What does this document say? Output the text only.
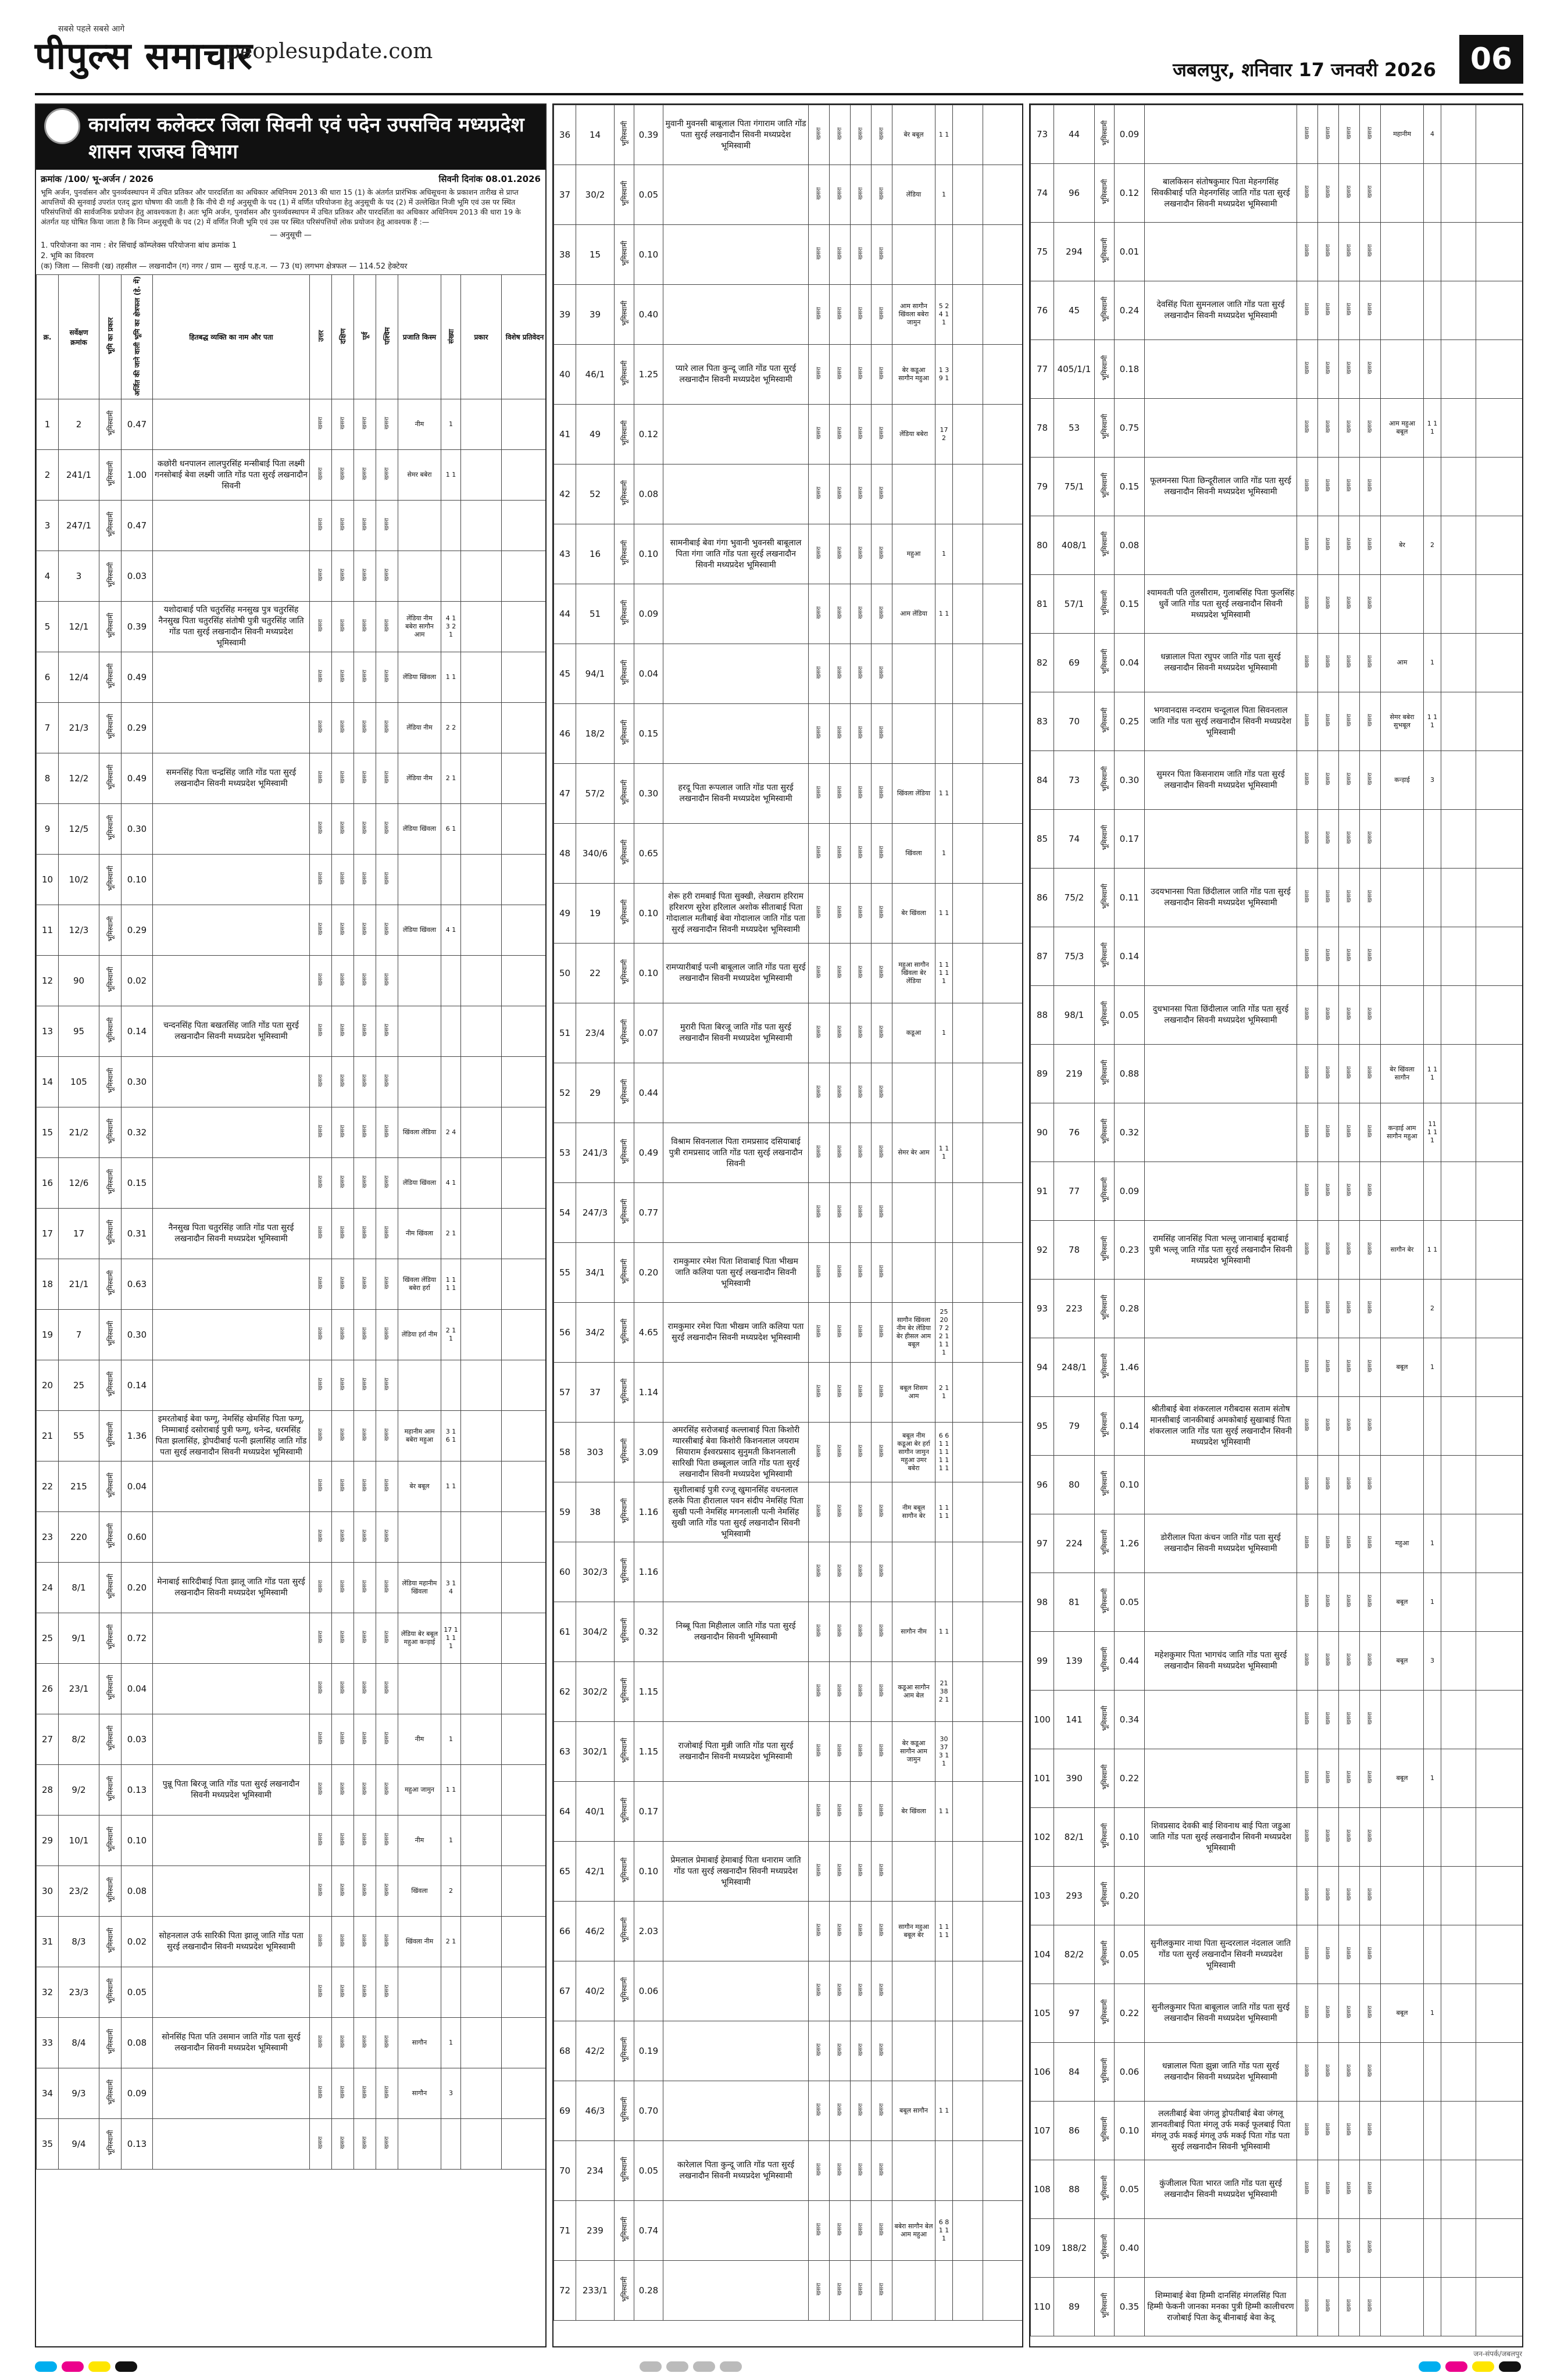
सबसे पहले सबसे आगे
पीपुल्स समाचार
peoplesupdate.com
जबलपुर, शनिवार 17 जनवरी 2026	06
कार्यालय कलेक्टर जिला सिवनी एवं पदेन उपसचिव मध्यप्रदेश शासन राजस्व विभाग
क्रमांक /100/ भू-अर्जन / 2026	सिवनी दिनांक 08.01.2026
भूमि अर्जन, पुनर्वासन और पुनर्व्यवस्थापन में उचित प्रतिकर और पारदर्शिता का अधिकार अधिनियम 2013 की धारा 15 (1) के अंतर्गत प्रारंभिक अधिसूचना के प्रकाशन तारीख से प्राप्त आपत्तियों की सुनवाई उपरांत एतद् द्वारा घोषणा की जाती है कि नीचे दी गई अनुसूची के पद (1) में वर्णित परियोजना हेतु अनुसूची के पद (2) में उल्लेखित निजी भूमि एवं उस पर स्थित परिसंपत्तियों की सार्वजनिक प्रयोजन हेतु आवश्यकता है। अतः भूमि अर्जन, पुनर्वासन और पुनर्व्यवस्थापन में उचित प्रतिकर और पारदर्शिता का अधिकार अधिनियम 2013 की धारा 19 के अंतर्गत यह घोषित किया जाता है कि निम्न अनुसूची के पद (2) में वर्णित निजी भूमि एवं उस पर स्थित परिसंपत्तियों लोक प्रयोजन हेतु आवश्यक हैं :—
— अनुसूची —
1. परियोजना का नाम : शेर सिंचाई कॉम्प्लेक्स परियोजना बांध क्रमांक 1
2. भूमि का विवरण
(क) जिला — सिवनी (ख) तहसील — लखनादौन (ग) नगर / ग्राम — सुरई प.ह.न. — 73 (घ) लगभग क्षेत्रफल — 114.52 हेक्टेयर
क्र.	सर्वेक्षण क्रमांक	भूमि का प्रकार	अर्जित की जाने वाली भूमि का क्षेत्रफल (हे. में)	हितबद्ध व्यक्ति का नाम और पता	उत्तर	दक्षिण	पूर्व	पश्चिम	प्रजाति किस्म	संख्या	प्रकार	विशेष प्रतिवेदन
1	2	भूमिस्वामी	0.47		खसरा	खसरा	खसरा	खसरा	नीम	1		
2	241/1	भूमिस्वामी	1.00	कछोरी धनपालन लालपुरसिंह मन्सीबाई पिता लक्ष्मी गनसोबाई बेवा लक्ष्मी जाति गोंड पता सुरई लखनादौन सिवनी	खसरा	खसरा	खसरा	खसरा	सेमर बबेरा	1 1		
3	247/1	भूमिस्वामी	0.47		खसरा	खसरा	खसरा	खसरा				
4	3	भूमिस्वामी	0.03		खसरा	खसरा	खसरा	खसरा				
5	12/1	भूमिस्वामी	0.39	यशोदाबाई पति चतुरसिंह मनसुख पुत्र चतुरसिंह नैनसुख पिता चतुरसिंह संतोषी पुत्री चतुरसिंह जाति गोंड पता सुरई लखनादौन सिवनी मध्यप्रदेश भूमिस्वामी	खसरा	खसरा	खसरा	खसरा	लेंडिया नीम बबेरा सागौन आम	4 1 3 2 1		
6	12/4	भूमिस्वामी	0.49		खसरा	खसरा	खसरा	खसरा	लेंडिया खिंवला	1 1		
7	21/3	भूमिस्वामी	0.29		खसरा	खसरा	खसरा	खसरा	लेंडिया नीम	2 2		
8	12/2	भूमिस्वामी	0.49	समनसिंह पिता चन्द्रसिंह जाति गोंड पता सुरई लखनादौन सिवनी मध्यप्रदेश भूमिस्वामी	खसरा	खसरा	खसरा	खसरा	लेंडिया नीम	2 1		
9	12/5	भूमिस्वामी	0.30		खसरा	खसरा	खसरा	खसरा	लेंडिया खिंवला	6 1		
10	10/2	भूमिस्वामी	0.10		खसरा	खसरा	खसरा	खसरा				
11	12/3	भूमिस्वामी	0.29		खसरा	खसरा	खसरा	खसरा	लेंडिया खिंवला	4 1		
12	90	भूमिस्वामी	0.02		खसरा	खसरा	खसरा	खसरा				
13	95	भूमिस्वामी	0.14	चन्दनसिंह पिता बखतसिंह जाति गोंड पता सुरई लखनादौन सिवनी मध्यप्रदेश भूमिस्वामी	खसरा	खसरा	खसरा	खसरा				
14	105	भूमिस्वामी	0.30		खसरा	खसरा	खसरा	खसरा				
15	21/2	भूमिस्वामी	0.32		खसरा	खसरा	खसरा	खसरा	खिंवला लेंडिया	2 4		
16	12/6	भूमिस्वामी	0.15		खसरा	खसरा	खसरा	खसरा	लेंडिया खिंवला	4 1		
17	17	भूमिस्वामी	0.31	नैनसुख पिता चतुरसिंह जाति गोंड पता सुरई लखनादौन सिवनी मध्यप्रदेश भूमिस्वामी	खसरा	खसरा	खसरा	खसरा	नीम खिंवला	2 1		
18	21/1	भूमिस्वामी	0.63		खसरा	खसरा	खसरा	खसरा	खिंवला लेंडिया बबेरा हर्रा	1 1 1 1		
19	7	भूमिस्वामी	0.30		खसरा	खसरा	खसरा	खसरा	लेंडिया हर्रा नीम	2 1 1		
20	25	भूमिस्वामी	0.14		खसरा	खसरा	खसरा	खसरा				
21	55	भूमिस्वामी	1.36	इमरतोबाई बेवा फग्गू, नेमसिंह खेमसिंह पिता फग्गू, निम्माबाई दसोराबाई पुत्री फग्गू, धनेन्द्र, धरमसिंह पिता झलासिंह, ड्रोपदीबाई पत्नी झलासिंह जाति गोंड पता सुरई लखनादौन सिवनी मध्यप्रदेश भूमिस्वामी	खसरा	खसरा	खसरा	खसरा	महानीम आम बबेरा महुआ	3 1 6 1		
22	215	भूमिस्वामी	0.04		खसरा	खसरा	खसरा	खसरा	बेर बबूल	1 1		
23	220	भूमिस्वामी	0.60		खसरा	खसरा	खसरा	खसरा				
24	8/1	भूमिस्वामी	0.20	मेनाबाई सारिदीबाई पिता झालू जाति गोंड पता सुरई लखनादौन सिवनी मध्यप्रदेश भूमिस्वामी	खसरा	खसरा	खसरा	खसरा	लेंडिया महानीम खिंवला	3 1 4		
25	9/1	भूमिस्वामी	0.72		खसरा	खसरा	खसरा	खसरा	लेंडिया बेर बबूल महुआ कन्ड़ाई	17 1 1 1 1		
26	23/1	भूमिस्वामी	0.04		खसरा	खसरा	खसरा	खसरा				
27	8/2	भूमिस्वामी	0.03		खसरा	खसरा	खसरा	खसरा	नीम	1		
28	9/2	भूमिस्वामी	0.13	पुन्नू पिता बिरजू जाति गोंड पता सुरई लखनादौन सिवनी मध्यप्रदेश भूमिस्वामी	खसरा	खसरा	खसरा	खसरा	महुआ जामुन	1 1		
29	10/1	भूमिस्वामी	0.10		खसरा	खसरा	खसरा	खसरा	नीम	1		
30	23/2	भूमिस्वामी	0.08		खसरा	खसरा	खसरा	खसरा	खिंवला	2		
31	8/3	भूमिस्वामी	0.02	सोहनलाल उर्फ सारिकी पिता झालू जाति गोंड पता सुरई लखनादौन सिवनी मध्यप्रदेश भूमिस्वामी	खसरा	खसरा	खसरा	खसरा	खिंवला नीम	2 1		
32	23/3	भूमिस्वामी	0.05		खसरा	खसरा	खसरा	खसरा				
33	8/4	भूमिस्वामी	0.08	सोनसिंह पिता पति उसमान जाति गोंड पता सुरई लखनादौन सिवनी मध्यप्रदेश भूमिस्वामी	खसरा	खसरा	खसरा	खसरा	सागौन	1		
34	9/3	भूमिस्वामी	0.09		खसरा	खसरा	खसरा	खसरा	सागौन	3		
35	9/4	भूमिस्वामी	0.13		खसरा	खसरा	खसरा	खसरा				
36	14	भूमिस्वामी	0.39	मुवानी मुवनसी बाबूलाल पिता गंगाराम जाति गोंड पता सुरई लखनादौन सिवनी मध्यप्रदेश भूमिस्वामी	खसरा	खसरा	खसरा	खसरा	बेर बबूल	1 1		
37	30/2	भूमिस्वामी	0.05		खसरा	खसरा	खसरा	खसरा	लेंडिया	1		
38	15	भूमिस्वामी	0.10		खसरा	खसरा	खसरा	खसरा				
39	39	भूमिस्वामी	0.40		खसरा	खसरा	खसरा	खसरा	आम सागौन खिंवला बबेरा जामुन	5 2 4 1 1		
40	46/1	भूमिस्वामी	1.25	प्यारे लाल पिता कुन्दू जाति गोंड पता सुरई लखनादौन सिवनी मध्यप्रदेश भूमिस्वामी	खसरा	खसरा	खसरा	खसरा	बेर कडूआ सागौन महुआ	1 3 9 1		
41	49	भूमिस्वामी	0.12		खसरा	खसरा	खसरा	खसरा	लेंडिया बबेरा	17 2		
42	52	भूमिस्वामी	0.08		खसरा	खसरा	खसरा	खसरा				
43	16	भूमिस्वामी	0.10	सामनीबाई बेवा गंगा भुवानी भुवनसी बाबूलाल पिता गंगा जाति गोंड पता सुरई लखनादौन सिवनी मध्यप्रदेश भूमिस्वामी	खसरा	खसरा	खसरा	खसरा	महुआ	1		
44	51	भूमिस्वामी	0.09		खसरा	खसरा	खसरा	खसरा	आम लेंडिया	1 1		
45	94/1	भूमिस्वामी	0.04		खसरा	खसरा	खसरा	खसरा				
46	18/2	भूमिस्वामी	0.15		खसरा	खसरा	खसरा	खसरा				
47	57/2	भूमिस्वामी	0.30	हरदू पिता रूपलाल जाति गोंड पता सुरई लखनादौन सिवनी मध्यप्रदेश भूमिस्वामी	खसरा	खसरा	खसरा	खसरा	खिंवला लेंडिया	1 1		
48	340/6	भूमिस्वामी	0.65		खसरा	खसरा	खसरा	खसरा	खिंवला	1		
49	19	भूमिस्वामी	0.10	शेरू हरी रामबाई पिता सुक्खी, लेखराम हरिराम हरिशरण सुरेश हरिलाल अशोक सीताबाई पिता गोदालाल मतीबाई बेवा गोदालाल जाति गोंड पता सुरई लखनादौन सिवनी मध्यप्रदेश भूमिस्वामी	खसरा	खसरा	खसरा	खसरा	बेर खिंवला	1 1		
50	22	भूमिस्वामी	0.10	रामप्यारीबाई पत्नी बाबूलाल जाति गोंड पता सुरई लखनादौन सिवनी मध्यप्रदेश भूमिस्वामी	खसरा	खसरा	खसरा	खसरा	महुआ सागौन खिंवला बेर लेंडिया	1 1 1 1 1		
51	23/4	भूमिस्वामी	0.07	मुरारी पिता बिरजू जाति गोंड पता सुरई लखनादौन सिवनी मध्यप्रदेश भूमिस्वामी	खसरा	खसरा	खसरा	खसरा	कडूआ	1		
52	29	भूमिस्वामी	0.44		खसरा	खसरा	खसरा	खसरा				
53	241/3	भूमिस्वामी	0.49	विश्राम सिवनलाल पिता रामप्रसाद दसियाबाई पुत्री रामप्रसाद जाति गोंड पता सुरई लखनादौन सिवनी	खसरा	खसरा	खसरा	खसरा	सेमर बेर आम	1 1 1		
54	247/3	भूमिस्वामी	0.77		खसरा	खसरा	खसरा	खसरा				
55	34/1	भूमिस्वामी	0.20	रामकुमार रमेश पिता शिवाबाई पिता भीखम जाति कलिया पता सुरई लखनादौन सिवनी भूमिस्वामी	खसरा	खसरा	खसरा	खसरा				
56	34/2	भूमिस्वामी	4.65	रामकुमार रमेश पिता भीखम जाति कलिया पता सुरई लखनादौन सिवनी मध्यप्रदेश भूमिस्वामी	खसरा	खसरा	खसरा	खसरा	सागौन खिंवला नीम बेर लेंडिया बेर हीसल आम बबूल	25 20 7 2 2 1 1 1 1		
57	37	भूमिस्वामी	1.14		खसरा	खसरा	खसरा	खसरा	बबूल शिसम आम	2 1 1		
58	303	भूमिस्वामी	3.09	अमरसिंह सरोजबाई कल्लाबाई पिता किशोरी ग्यारसीबाई बेवा किशोरी किशनलाल जयराम सियाराम ईश्वरप्रसाद सुनुमती किशनलाली सारिखी पिता छब्बूलाल जाति गोंड पता सुरई लखनादौन सिवनी मध्यप्रदेश भूमिस्वामी	खसरा	खसरा	खसरा	खसरा	बबूल नीम कडूआ बेर हर्रा सागौन जामुन महुआ उमर बबेरा	6 6 1 1 1 1 1 1 1 1		
59	38	भूमिस्वामी	1.16	सुशीलाबाई पुत्री रज्जू खुमानसिंह वधनलाल हलके पिता हीरालाल पवन संदीप नेमसिंह पिता सुखी पत्नी नेमसिंह मगनलाली पत्नी नेमसिंह सुखी जाति गोंड पता सुरई लखनादौन सिवनी भूमिस्वामी	खसरा	खसरा	खसरा	खसरा	नीम बबूल सागौन बेर	1 1 1 1		
60	302/3	भूमिस्वामी	1.16		खसरा	खसरा	खसरा	खसरा				
61	304/2	भूमिस्वामी	0.32	निब्बू पिता मिहीलाल जाति गोंड पता सुरई लखनादौन सिवनी भूमिस्वामी	खसरा	खसरा	खसरा	खसरा	सागौन नीम	1 1		
62	302/2	भूमिस्वामी	1.15		खसरा	खसरा	खसरा	खसरा	कडूआ सागौन आम बेल	21 38 2 1		
63	302/1	भूमिस्वामी	1.15	राजोबाई पिता मुन्नी जाति गोंड पता सुरई लखनादौन सिवनी मध्यप्रदेश भूमिस्वामी	खसरा	खसरा	खसरा	खसरा	बेर कडूआ सागौन आम जामुन	30 37 3 1 1		
64	40/1	भूमिस्वामी	0.17		खसरा	खसरा	खसरा	खसरा	बेर खिंवला	1 1		
65	42/1	भूमिस्वामी	0.10	प्रेमलाल प्रेमाबाई हेमाबाई पिता धनाराम जाति गोंड पता सुरई लखनादौन सिवनी मध्यप्रदेश भूमिस्वामी	खसरा	खसरा	खसरा	खसरा				
66	46/2	भूमिस्वामी	2.03		खसरा	खसरा	खसरा	खसरा	सागौन महुआ बबूल बेर	1 1 1 1		
67	40/2	भूमिस्वामी	0.06		खसरा	खसरा	खसरा	खसरा				
68	42/2	भूमिस्वामी	0.19		खसरा	खसरा	खसरा	खसरा				
69	46/3	भूमिस्वामी	0.70		खसरा	खसरा	खसरा	खसरा	बबूल सागौन	1 1		
70	234	भूमिस्वामी	0.05	कारेलाल पिता कुन्दू जाति गोंड पता सुरई लखनादौन सिवनी मध्यप्रदेश भूमिस्वामी	खसरा	खसरा	खसरा	खसरा				
71	239	भूमिस्वामी	0.74		खसरा	खसरा	खसरा	खसरा	बबेरा सागौन बेल आम महुआ	6 8 1 1 1		
72	233/1	भूमिस्वामी	0.28		खसरा	खसरा	खसरा	खसरा				
73	44	भूमिस्वामी	0.09		खसरा	खसरा	खसरा	खसरा	महानीम	4		
74	96	भूमिस्वामी	0.12	बालकिसन संतोषकुमार पिता मेहनगसिंह सिवकीबाई पति मेहनगसिंह जाति गोंड पता सुरई लखनादौन सिवनी मध्यप्रदेश भूमिस्वामी	खसरा	खसरा	खसरा	खसरा				
75	294	भूमिस्वामी	0.01		खसरा	खसरा	खसरा	खसरा				
76	45	भूमिस्वामी	0.24	देवसिंह पिता सुमनलाल जाति गोंड पता सुरई लखनादौन सिवनी मध्यप्रदेश भूमिस्वामी	खसरा	खसरा	खसरा	खसरा				
77	405/1/1	भूमिस्वामी	0.18		खसरा	खसरा	खसरा	खसरा				
78	53	भूमिस्वामी	0.75		खसरा	खसरा	खसरा	खसरा	आम महुआ बबूल	1 1 1		
79	75/1	भूमिस्वामी	0.15	फूलमनसा पिता छिन्दूरीलाल जाति गोंड पता सुरई लखनादौन सिवनी मध्यप्रदेश भूमिस्वामी	खसरा	खसरा	खसरा	खसरा				
80	408/1	भूमिस्वामी	0.08		खसरा	खसरा	खसरा	खसरा	बेर	2		
81	57/1	भूमिस्वामी	0.15	श्यामवती पति तुलसीराम, गुलाबसिंह पिता फुलसिंह धुर्वे जाति गोंड पता सुरई लखनादौन सिवनी मध्यप्रदेश भूमिस्वामी	खसरा	खसरा	खसरा	खसरा				
82	69	भूमिस्वामी	0.04	धन्नालाल पिता रघुपर जाति गोंड पता सुरई लखनादौन सिवनी मध्यप्रदेश भूमिस्वामी	खसरा	खसरा	खसरा	खसरा	आम	1		
83	70	भूमिस्वामी	0.25	भगवानदास नन्दराम चन्दूलाल पिता सिवनलाल जाति गोंड पता सुरई लखनादौन सिवनी मध्यप्रदेश भूमिस्वामी	खसरा	खसरा	खसरा	खसरा	सेमर बबेरा सुभबूल	1 1 1		
84	73	भूमिस्वामी	0.30	सुमरन पिता किसनाराम जाति गोंड पता सुरई लखनादौन सिवनी मध्यप्रदेश भूमिस्वामी	खसरा	खसरा	खसरा	खसरा	कन्ड़ाई	3		
85	74	भूमिस्वामी	0.17		खसरा	खसरा	खसरा	खसरा				
86	75/2	भूमिस्वामी	0.11	उदयभानसा पिता छिंदीलाल जाति गोंड पता सुरई लखनादौन सिवनी मध्यप्रदेश भूमिस्वामी	खसरा	खसरा	खसरा	खसरा				
87	75/3	भूमिस्वामी	0.14		खसरा	खसरा	खसरा	खसरा				
88	98/1	भूमिस्वामी	0.05	दुधभानसा पिता छिंदीलाल जाति गोंड पता सुरई लखनादौन सिवनी मध्यप्रदेश भूमिस्वामी	खसरा	खसरा	खसरा	खसरा				
89	219	भूमिस्वामी	0.88		खसरा	खसरा	खसरा	खसरा	बेर खिंवला सागौन	1 1 1		
90	76	भूमिस्वामी	0.32		खसरा	खसरा	खसरा	खसरा	कन्ड़ाई आम सागौन महुआ	11 1 1 1		
91	77	भूमिस्वामी	0.09		खसरा	खसरा	खसरा	खसरा				
92	78	भूमिस्वामी	0.23	रामसिंह जानसिंह पिता भल्लू जानाबाई बृदाबाई पुत्री भल्लू जाति गोंड पता सुरई लखनादौन सिवनी मध्यप्रदेश भूमिस्वामी	खसरा	खसरा	खसरा	खसरा	सागौन बेर	1 1		
93	223	भूमिस्वामी	0.28		खसरा	खसरा	खसरा	खसरा		2		
94	248/1	भूमिस्वामी	1.46		खसरा	खसरा	खसरा	खसरा	बबूल	1		
95	79	भूमिस्वामी	0.14	श्रीतीबाई बेवा शंकरलाल गरीबदास सताम संतोष मानसीबाई जानकीबाई अमकोबाई सुखाबाई पिता शंकरलाल जाति गोंड पता सुरई लखनादौन सिवनी मध्यप्रदेश भूमिस्वामी	खसरा	खसरा	खसरा	खसरा				
96	80	भूमिस्वामी	0.10		खसरा	खसरा	खसरा	खसरा				
97	224	भूमिस्वामी	1.26	डोरीलाल पिता कंचन जाति गोंड पता सुरई लखनादौन सिवनी मध्यप्रदेश भूमिस्वामी	खसरा	खसरा	खसरा	खसरा	महुआ	1		
98	81	भूमिस्वामी	0.05		खसरा	खसरा	खसरा	खसरा	बबूल	1		
99	139	भूमिस्वामी	0.44	महेशकुमार पिता भागचंद जाति गोंड पता सुरई लखनादौन सिवनी मध्यप्रदेश भूमिस्वामी	खसरा	खसरा	खसरा	खसरा	बबूल	3		
100	141	भूमिस्वामी	0.34		खसरा	खसरा	खसरा	खसरा				
101	390	भूमिस्वामी	0.22		खसरा	खसरा	खसरा	खसरा	बबूल	1		
102	82/1	भूमिस्वामी	0.10	शिवप्रसाद देवकी बाई शिवनाथ बाई पिता जडुआ जाति गोंड पता सुरई लखनादौन सिवनी मध्यप्रदेश भूमिस्वामी	खसरा	खसरा	खसरा	खसरा				
103	293	भूमिस्वामी	0.20		खसरा	खसरा	खसरा	खसरा				
104	82/2	भूमिस्वामी	0.05	सुनीलकुमार नाथा पिता सुन्दरलाल नंदलाल जाति गोंड पता सुरई लखनादौन सिवनी मध्यप्रदेश भूमिस्वामी	खसरा	खसरा	खसरा	खसरा				
105	97	भूमिस्वामी	0.22	सुनीलकुमार पिता बाबूलाल जाति गोंड पता सुरई लखनादौन सिवनी मध्यप्रदेश भूमिस्वामी	खसरा	खसरा	खसरा	खसरा	बबूल	1		
106	84	भूमिस्वामी	0.06	धन्नालाल पिता झुन्ना जाति गोंड पता सुरई लखनादौन सिवनी मध्यप्रदेश भूमिस्वामी	खसरा	खसरा	खसरा	खसरा				
107	86	भूमिस्वामी	0.10	ललतीबाई बेवा जंगलु ड्रोपतीबाई बेवा जंगलू ज्ञानवतीबाई पिता मंगलू उर्फ मकई फूलबाई पिता मंगलू उर्फ मकई मंगलू उर्फ मकई पिता गोंड पता सुरई लखनादौन सिवनी भूमिस्वामी	खसरा	खसरा	खसरा	खसरा				
108	88	भूमिस्वामी	0.05	कुंजीलाल पिता भारत जाति गोंड पता सुरई लखनादौन सिवनी मध्यप्रदेश भूमिस्वामी	खसरा	खसरा	खसरा	खसरा				
109	188/2	भूमिस्वामी	0.40		खसरा	खसरा	खसरा	खसरा				
110	89	भूमिस्वामी	0.35	शिम्माबाई बेवा हिम्मी दानसिंह मंगलसिंह पिता हिम्मी फेकनी जानका मनका पुत्री हिम्मी कालीचरण राजोबाई पिता केदू बीनाबाई बेवा केदू	खसरा	खसरा	खसरा	खसरा				
जन-संपर्क/जबलपुर
